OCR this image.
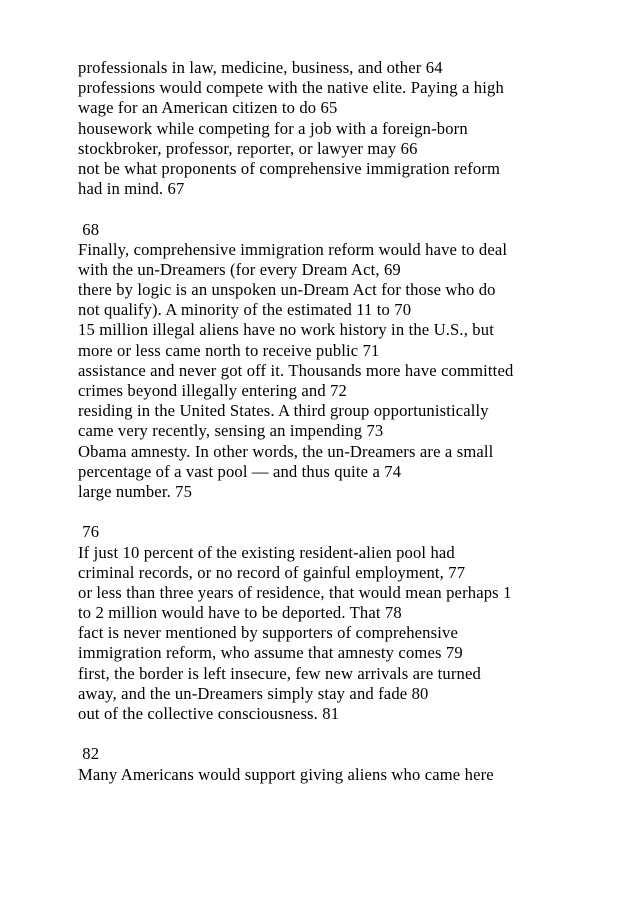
professionals in law, medicine, business, and other 64
professions would compete with the native elite. Paying a high
wage for an American citizen to do 65
housework while competing for a job with a foreign-born
stockbroker, professor, reporter, or lawyer may 66
not be what proponents of comprehensive immigration reform
had in mind. 67
68
Finally, comprehensive immigration reform would have to deal
with the un-Dreamers (for every Dream Act, 69
there by logic is an unspoken un-Dream Act for those who do
not qualify). A minority of the estimated 11 to 70
15 million illegal aliens have no work history in the U.S., but
more or less came north to receive public 71
assistance and never got off it. Thousands more have committed
crimes beyond illegally entering and 72
residing in the United States. A third group opportunistically
came very recently, sensing an impending 73
Obama amnesty. In other words, the un-Dreamers are a small
percentage of a vast pool — and thus quite a 74
large number. 75
76
If just 10 percent of the existing resident-alien pool had
criminal records, or no record of gainful employment, 77
or less than three years of residence, that would mean perhaps 1
to 2 million would have to be deported. That 78
fact is never mentioned by supporters of comprehensive
immigration reform, who assume that amnesty comes 79
first, the border is left insecure, few new arrivals are turned
away, and the un-Dreamers simply stay and fade 80
out of the collective consciousness. 81
82
Many Americans would support giving aliens who came here
